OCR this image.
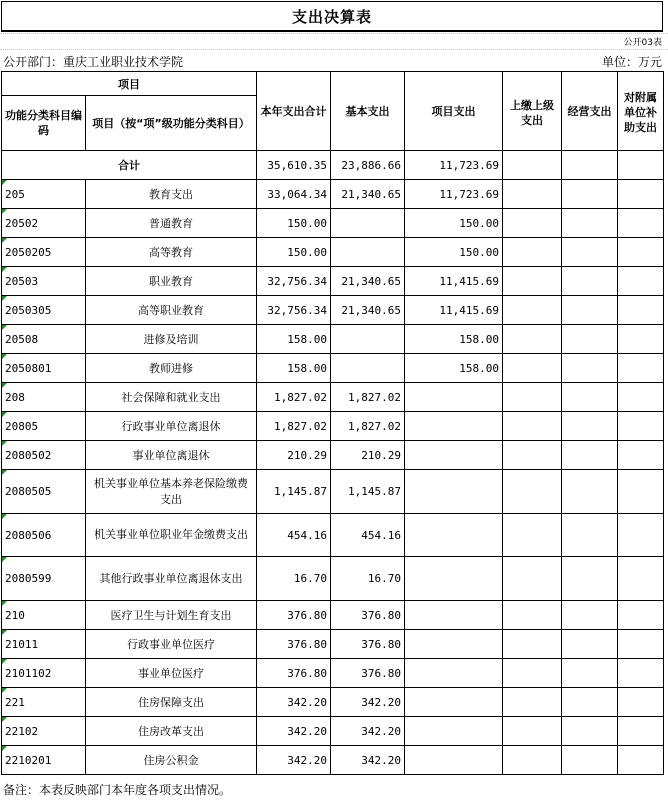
支出决算表
公开03表
公开部门：重庆工业职业技术学院	单位：万元
项目		本年支出合计	基本支出	项目支出	上缴上级支出	经营支出	对附属单位补助支出
功能分类科目编码	项目（按“项”级功能分类科目）						

合计		35,610.35	23,886.66	11,723.69			
205	教育支出	33,064.34	21,340.65	11,723.69			
20502	普通教育	150.00		150.00			
2050205	高等教育	150.00		150.00			
20503	职业教育	32,756.34	21,340.65	11,415.69			
2050305	高等职业教育	32,756.34	21,340.65	11,415.69			
20508	进修及培训	158.00		158.00			
2050801	教师进修	158.00		158.00			
208	社会保障和就业支出	1,827.02	1,827.02				
20805	行政事业单位离退休	1,827.02	1,827.02				
2080502	事业单位离退休	210.29	210.29				
2080505	机关事业单位基本养老保险缴费支出	1,145.87	1,145.87				
2080506	机关事业单位职业年金缴费支出	454.16	454.16				
2080599	其他行政事业单位离退休支出	16.70	16.70				
210	医疗卫生与计划生育支出	376.80	376.80				
21011	行政事业单位医疗	376.80	376.80				
2101102	事业单位医疗	376.80	376.80				
221	住房保障支出	342.20	342.20				
22102	住房改革支出	342.20	342.20				
2210201	住房公积金	342.20	342.20				
备注：本表反映部门本年度各项支出情况。
